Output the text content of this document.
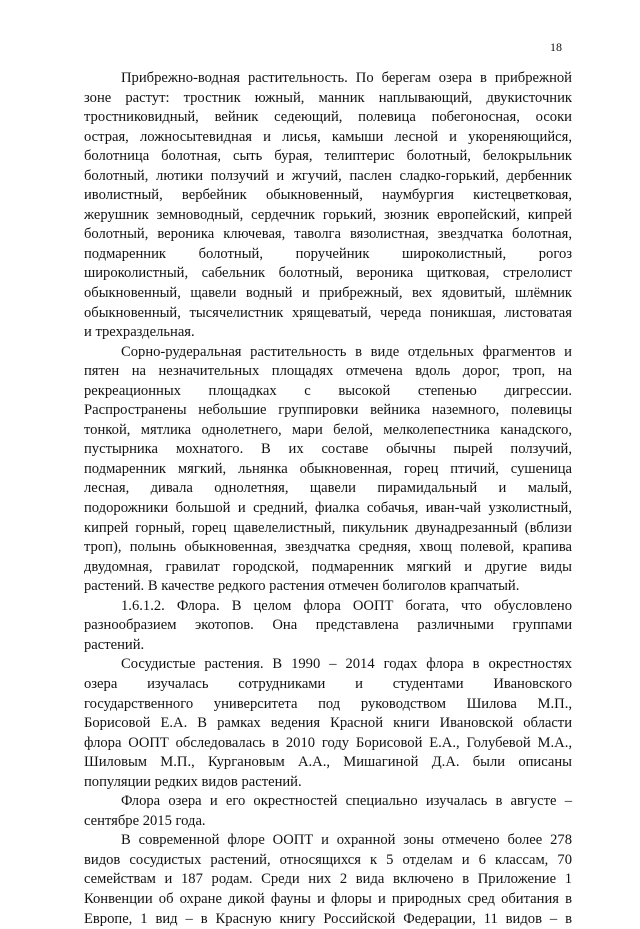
18
Прибрежно-водная растительность. По берегам озера в прибрежной
зоне растут: тростник южный, манник наплывающий, двукисточник
тростниковидный, вейник седеющий, полевица побегоносная, осоки
острая, ложносытевидная и лисья, камыши лесной и укореняющийся,
болотница болотная, сыть бурая, телиптерис болотный, белокрыльник
болотный, лютики ползучий и жгучий, паслен сладко-горький, дербенник
иволистный, вербейник обыкновенный, наумбургия кистецветковая,
жерушник земноводный, сердечник горький, зюзник европейский, кипрей
болотный, вероника ключевая, таволга вязолистная, звездчатка болотная,
подмаренник болотный, поручейник широколистный, рогоз
широколистный, сабельник болотный, вероника щитковая, стрелолист
обыкновенный, щавели водный и прибрежный, вех ядовитый, шлёмник
обыкновенный, тысячелистник хрящеватый, череда поникшая, листоватая
и трехраздельная.
Сорно-рудеральная растительность в виде отдельных фрагментов и
пятен на незначительных площадях отмечена вдоль дорог, троп, на
рекреационных площадках с высокой степенью дигрессии.
Распространены небольшие группировки вейника наземного, полевицы
тонкой, мятлика однолетнего, мари белой, мелколепестника канадского,
пустырника мохнатого. В их составе обычны пырей ползучий,
подмаренник мягкий, льнянка обыкновенная, горец птичий, сушеница
лесная, дивала однолетняя, щавели пирамидальный и малый,
подорожники большой и средний, фиалка собачья, иван-чай узколистный,
кипрей горный, горец щавелелистный, пикульник двунадрезанный (вблизи
троп), полынь обыкновенная, звездчатка средняя, хвощ полевой, крапива
двудомная, гравилат городской, подмаренник мягкий и другие виды
растений. В качестве редкого растения отмечен болиголов крапчатый.
1.6.1.2. Флора. В целом флора ООПТ богата, что обусловлено
разнообразием экотопов. Она представлена различными группами
растений.
Сосудистые растения. В 1990 – 2014 годах флора в окрестностях
озера изучалась сотрудниками и студентами Ивановского
государственного университета под руководством Шилова М.П.,
Борисовой Е.А. В рамках ведения Красной книги Ивановской области
флора ООПТ обследовалась в 2010 году Борисовой Е.А., Голубевой М.А.,
Шиловым М.П., Кургановым А.А., Мишагиной Д.А. были описаны
популяции редких видов растений.
Флора озера и его окрестностей специально изучалась в августе –
сентябре 2015 года.
В современной флоре ООПТ и охранной зоны отмечено более 278
видов сосудистых растений, относящихся к 5 отделам и 6 классам, 70
семействам и 187 родам. Среди них 2 вида включено в Приложение 1
Конвенции об охране дикой фауны и флоры и природных сред обитания в
Европе, 1 вид – в Красную книгу Российской Федерации, 11 видов – в
